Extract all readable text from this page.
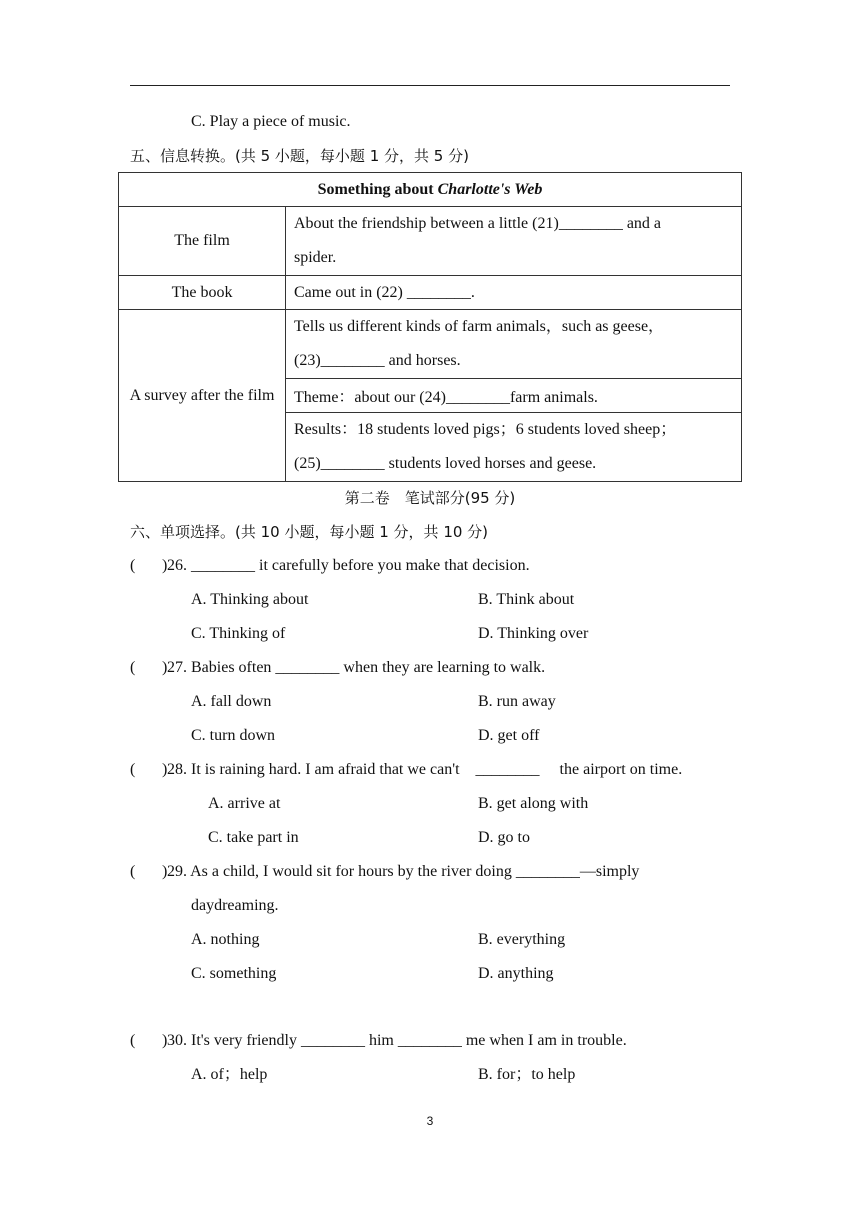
C. Play a piece of music.
五、信息转换。(共 5 小题，每小题 1 分，共 5 分)
Something about Charlotte's Web	
The film	About the friendship between a little (21)________ and a
spider.

The book	Came out in (22) ________.
A survey after the film	Tells us different kinds of farm animals，such as geese，
(23)________ and horses.

	Theme：about our (24)________farm animals.

	Results：18 students loved pigs；6 students loved sheep；
(25)________ students loved horses and geese.
第二卷　笔试部分(95 分)
六、单项选择。(共 10 小题，每小题 1 分，共 10 分)
( ) 26. ________ it carefully before you make that decision.
A. Thinking about	B. Think about
C. Thinking of	D. Thinking over
( ) 27. Babies often ________ when they are learning to walk.
A. fall down	B. run away
C. turn down	D. get off
( ) 28. It is raining hard. I am afraid that we can't　________　 the airport on time.
A. arrive at	B. get along with
C. take part in	D. go to
( ) 29. As a child, I would sit for hours by the river doing ________—simply
daydreaming.
A. nothing	B. everything
C. something	D. anything
( ) 30. It's very friendly ________ him ________ me when I am in trouble.
A. of；help	B. for；to help
3
